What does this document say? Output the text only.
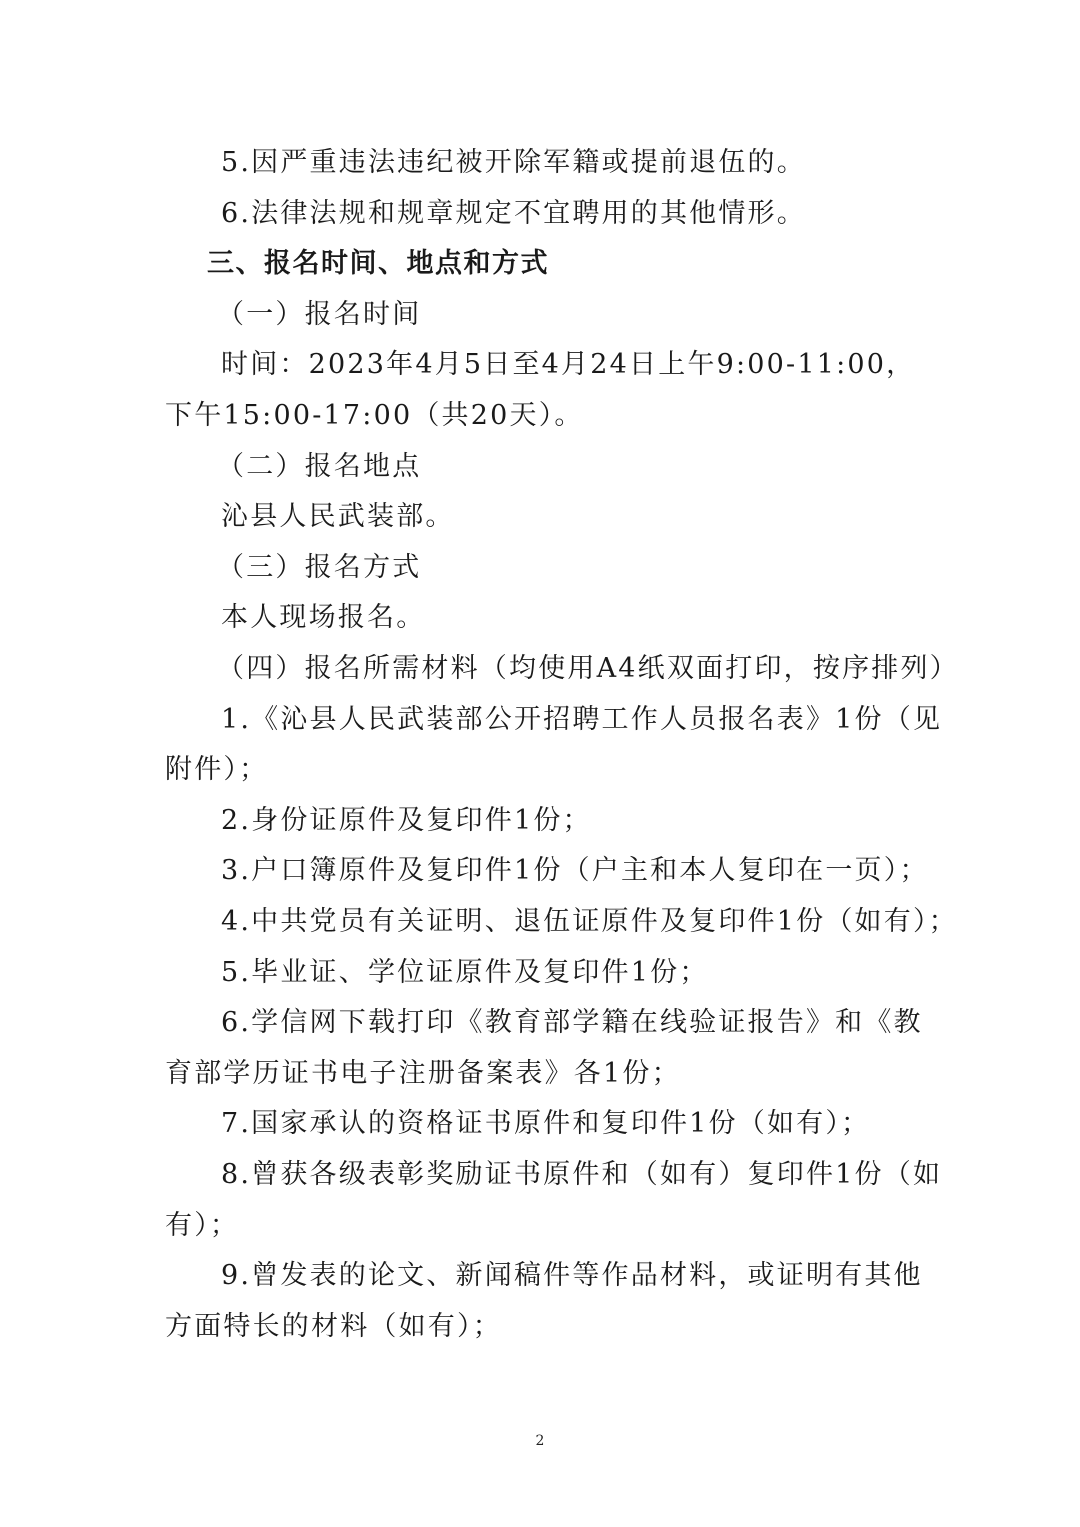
5.因严重违法违纪被开除军籍或提前退伍的。
6.法律法规和规章规定不宜聘用的其他情形。
三、报名时间、地点和方式
（一）报名时间
时间：2023年4月5日至4月24日上午9:00-11:00，
下午15:00-17:00（共20天）。
（二）报名地点
沁县人民武装部。
（三）报名方式
本人现场报名。
（四）报名所需材料（均使用A4纸双面打印，按序排列）
1.《沁县人民武装部公开招聘工作人员报名表》1份（见
附件）；
2.身份证原件及复印件1份；
3.户口簿原件及复印件1份（户主和本人复印在一页）；
4.中共党员有关证明、退伍证原件及复印件1份（如有）；
5.毕业证、学位证原件及复印件1份；
6.学信网下载打印《教育部学籍在线验证报告》和《教
育部学历证书电子注册备案表》各1份；
7.国家承认的资格证书原件和复印件1份（如有）；
8.曾获各级表彰奖励证书原件和（如有）复印件1份（如
有）；
9.曾发表的论文、新闻稿件等作品材料，或证明有其他
方面特长的材料（如有）；
2
